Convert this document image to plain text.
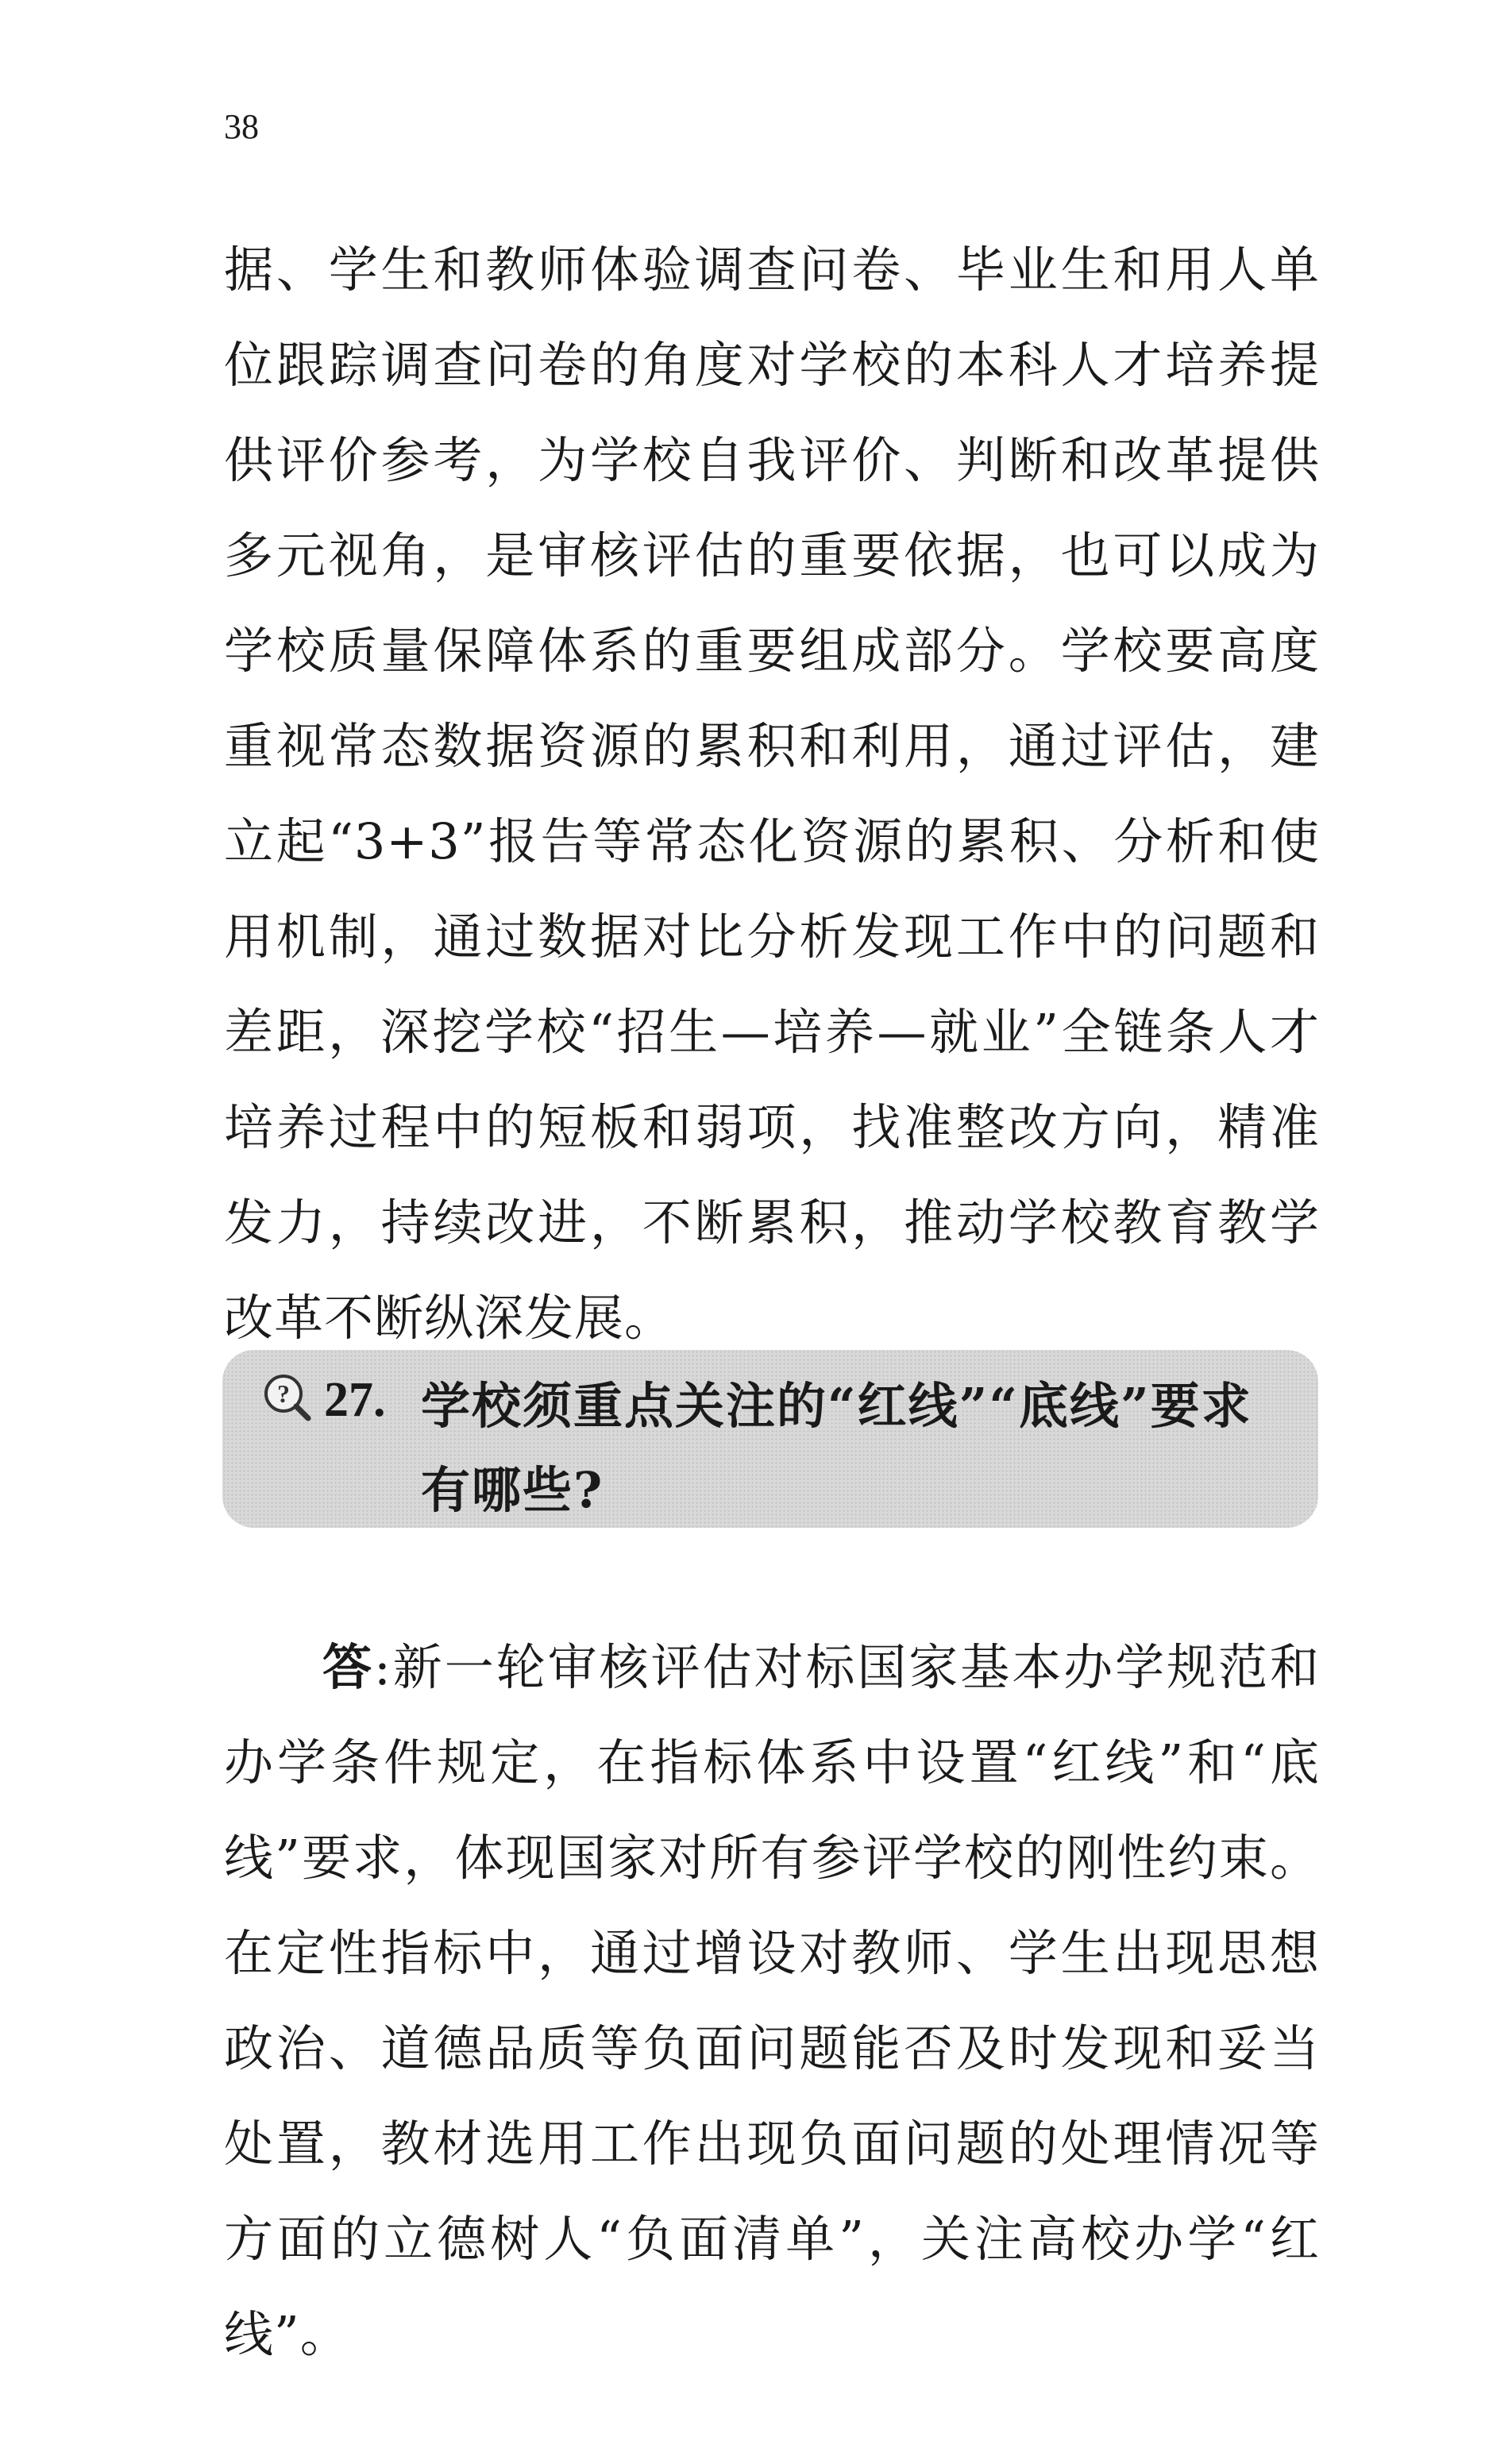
38
据、学生和教师体验调查问卷、毕业生和用人单位跟踪调查问卷的角度对学校的本科人才培养提供评价参考，为学校自我评价、判断和改革提供多元视角，是审核评估的重要依据，也可以成为学校质量保障体系的重要组成部分。学校要高度重视常态数据资源的累积和利用，通过评估，建立起“3+3”报告等常态化资源的累积、分析和使用机制，通过数据对比分析发现工作中的问题和差距，深挖学校“招生—培养—就业”全链条人才培养过程中的短板和弱项，找准整改方向，精准发力，持续改进，不断累积，推动学校教育教学改革不断纵深发展。
? 27. 学校须重点关注的“红线”“底线”要求有哪些?
答:新一轮审核评估对标国家基本办学规范和办学条件规定，在指标体系中设置“红线”和“底线”要求，体现国家对所有参评学校的刚性约束。在定性指标中，通过增设对教师、学生出现思想政治、道德品质等负面问题能否及时发现和妥当处置，教材选用工作出现负面问题的处理情况等方面的立德树人“负面清单”，关注高校办学“红线”。
